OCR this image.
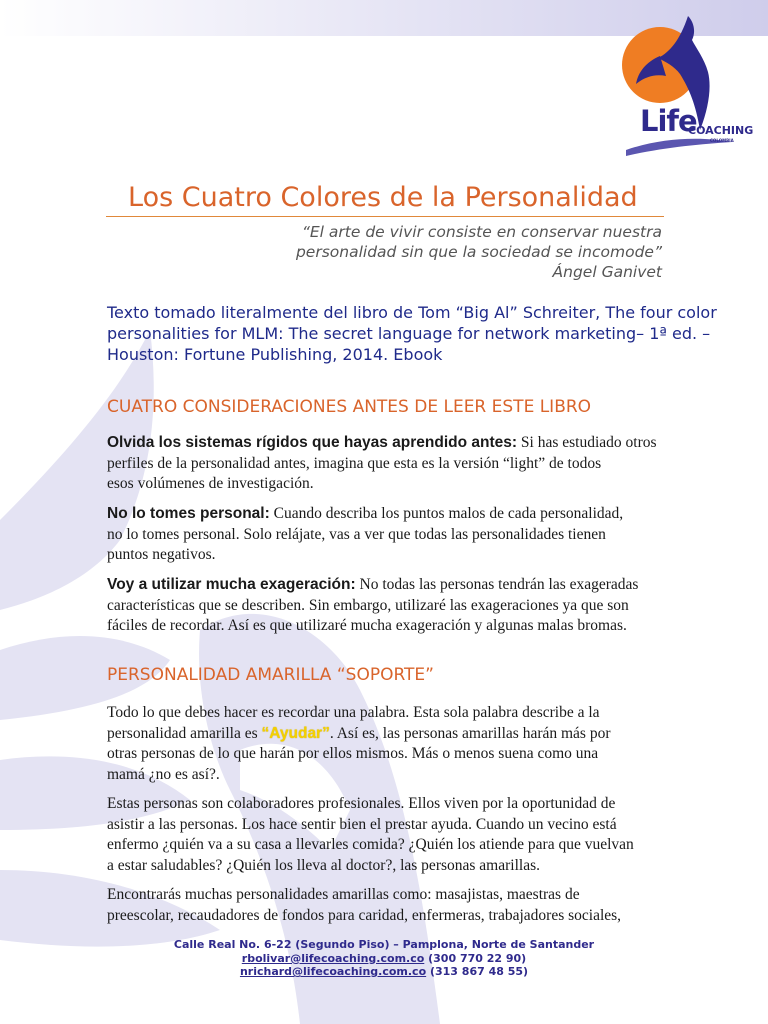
Life
COACHING
COLOMBIA
Los Cuatro Colores de la Personalidad
“El arte de vivir consiste en conservar nuestra
personalidad sin que la sociedad se incomode”
Ángel Ganivet
Texto tomado literalmente del libro de Tom “Big Al” Schreiter, The four color
personalities for MLM: The secret language for network marketing– 1ª ed. –
Houston: Fortune Publishing, 2014. Ebook
CUATRO CONSIDERACIONES ANTES DE LEER ESTE LIBRO
Olvida los sistemas rígidos que hayas aprendido antes: Si has estudiado otros
perfiles de la personalidad antes, imagina que esta es la versión “light” de todos
esos volúmenes de investigación.
No lo tomes personal: Cuando describa los puntos malos de cada personalidad,
no lo tomes personal. Solo relájate, vas a ver que todas las personalidades tienen
puntos negativos.
Voy a utilizar mucha exageración: No todas las personas tendrán las exageradas
características que se describen. Sin embargo, utilizaré las exageraciones ya que son
fáciles de recordar. Así es que utilizaré mucha exageración y algunas malas bromas.
PERSONALIDAD AMARILLA “SOPORTE”
Todo lo que debes hacer es recordar una palabra. Esta sola palabra describe a la
personalidad amarilla es “Ayudar”. Así es, las personas amarillas harán más por
otras personas de lo que harán por ellos mismos. Más o menos suena como una
mamá ¿no es así?.
Estas personas son colaboradores profesionales. Ellos viven por la oportunidad de
asistir a las personas. Los hace sentir bien el prestar ayuda. Cuando un vecino está
enfermo ¿quién va a su casa a llevarles comida? ¿Quién los atiende para que vuelvan
a estar saludables? ¿Quién los lleva al doctor?, las personas amarillas.
Encontrarás muchas personalidades amarillas como: masajistas, maestras de
preescolar, recaudadores de fondos para caridad, enfermeras, trabajadores sociales,
Calle Real No. 6-22 (Segundo Piso) – Pamplona, Norte de Santander
rbolivar@lifecoaching.com.co (300 770 22 90)
nrichard@lifecoaching.com.co (313 867 48 55)
